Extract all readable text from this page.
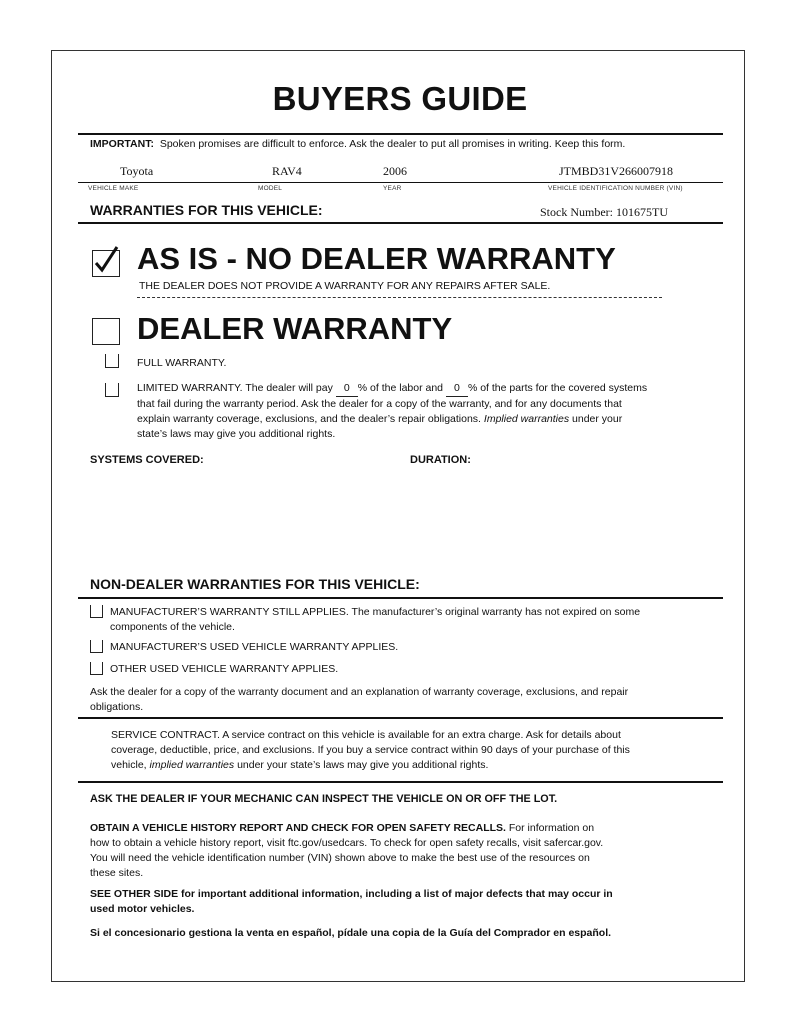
BUYERS GUIDE
IMPORTANT: Spoken promises are difficult to enforce. Ask the dealer to put all promises in writing. Keep this form.
Toyota	RAV4	2006	JTMBD31V266007918
VEHICLE MAKE	MODEL	YEAR	VEHICLE IDENTIFICATION NUMBER (VIN)
WARRANTIES FOR THIS VEHICLE:	Stock Number: 101675TU
AS IS - NO DEALER WARRANTY
THE DEALER DOES NOT PROVIDE A WARRANTY FOR ANY REPAIRS AFTER SALE.
DEALER WARRANTY
FULL WARRANTY.
LIMITED WARRANTY. The dealer will pay 0 % of the labor and 0 % of the parts for the covered systems
that fail during the warranty period. Ask the dealer for a copy of the warranty, and for any documents that
explain warranty coverage, exclusions, and the dealer’s repair obligations. Implied warranties under your
state’s laws may give you additional rights.
SYSTEMS COVERED:	DURATION:
NON-DEALER WARRANTIES FOR THIS VEHICLE:
MANUFACTURER’S WARRANTY STILL APPLIES. The manufacturer’s original warranty has not expired on some
components of the vehicle.
MANUFACTURER’S USED VEHICLE WARRANTY APPLIES.
OTHER USED VEHICLE WARRANTY APPLIES.
Ask the dealer for a copy of the warranty document and an explanation of warranty coverage, exclusions, and repair
obligations.
SERVICE CONTRACT. A service contract on this vehicle is available for an extra charge. Ask for details about
coverage, deductible, price, and exclusions. If you buy a service contract within 90 days of your purchase of this
vehicle, implied warranties under your state’s laws may give you additional rights.
ASK THE DEALER IF YOUR MECHANIC CAN INSPECT THE VEHICLE ON OR OFF THE LOT.
OBTAIN A VEHICLE HISTORY REPORT AND CHECK FOR OPEN SAFETY RECALLS. For information on
how to obtain a vehicle history report, visit ftc.gov/usedcars. To check for open safety recalls, visit safercar.gov.
You will need the vehicle identification number (VIN) shown above to make the best use of the resources on
these sites.
SEE OTHER SIDE for important additional information, including a list of major defects that may occur in
used motor vehicles.
Si el concesionario gestiona la venta en español, pídale una copia de la Guía del Comprador en español.
